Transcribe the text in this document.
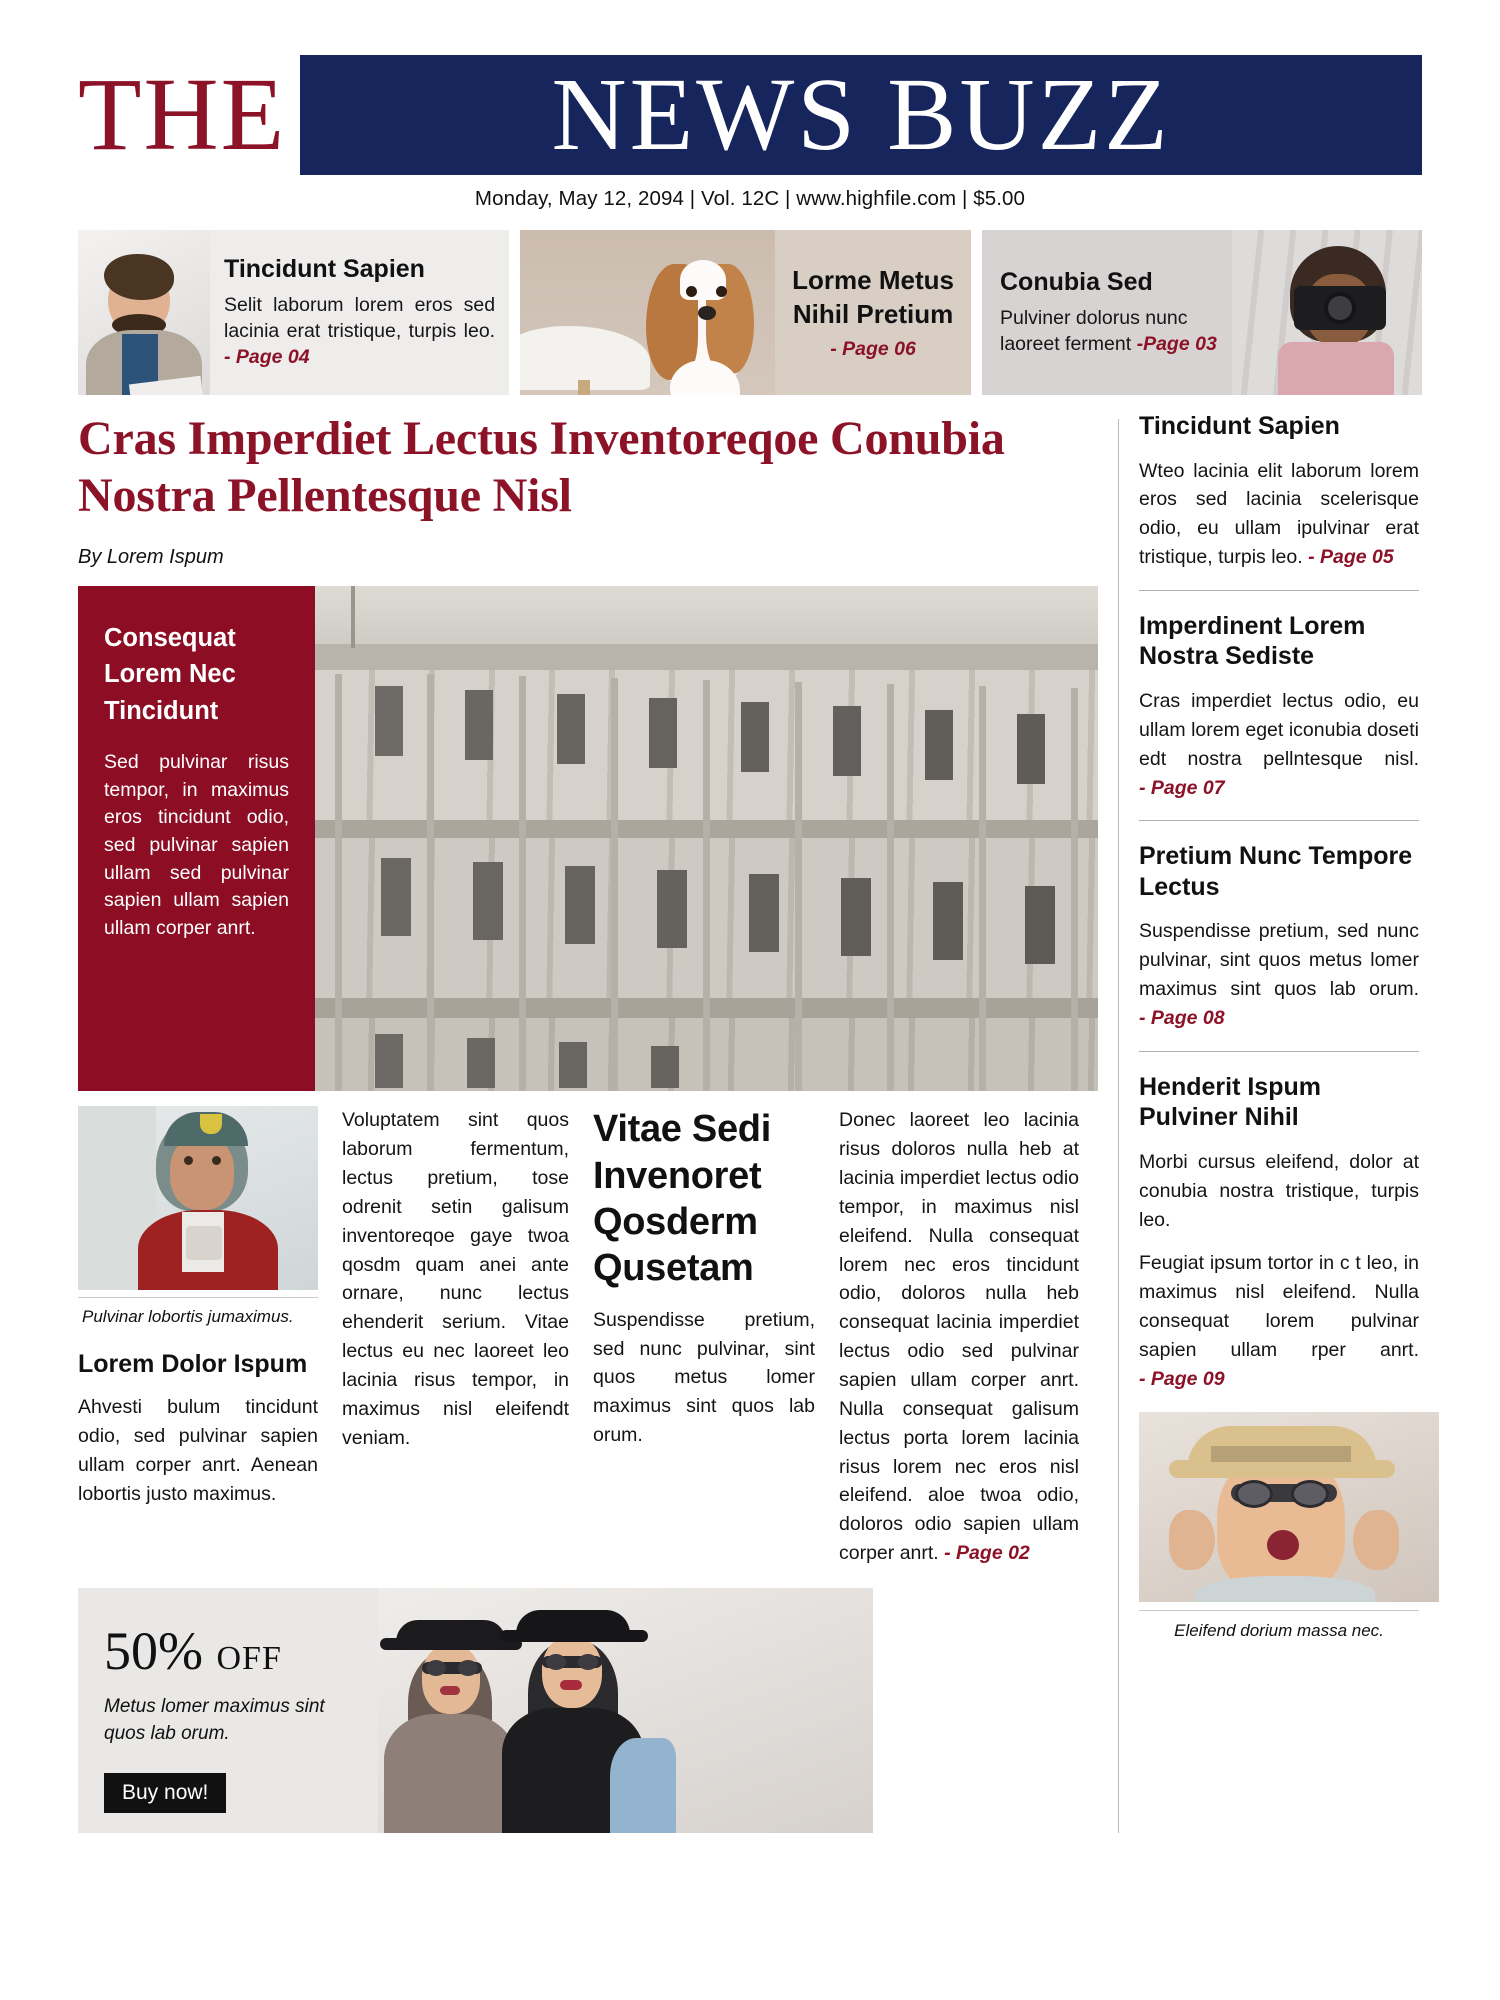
THE	NEWS BUZZ
Monday, May 12, 2094 | Vol. 12C | www.highfile.com | $5.00
Tincidunt Sapien
Selit laborum lorem eros sed lacinia erat tristique, turpis leo. - Page 04
Lorme Metus Nihil Pretium
- Page 06
Conubia Sed
Pulviner dolorus nunc laoreet ferment -Page 03
Cras Imperdiet Lectus Inventoreqoe Conubia Nostra Pellentesque Nisl
By Lorem Ispum
Consequat Lorem Nec Tincidunt

Sed pulvinar risus tempor, in maximus eros tincidunt odio, sed pulvinar sapien ullam sed pulvinar sapien ullam sapien ullam corper anrt.

Pulvinar lobortis jumaximus.
Lorem Dolor Ispum
Ahvesti bulum tincidunt odio, sed pulvinar sapien ullam corper anrt. Aenean lobortis justo maximus.
Voluptatem sint quos laborum fermentum, lectus pretium, tose odrenit setin galisum inventoreqoe gaye twoa qosdm quam anei ante ornare, nunc lectus ehenderit serium. Vitae lectus eu nec laoreet leo lacinia risus tempor, in maximus nisl eleifendt veniam.
Vitae Sedi Invenoret Qosderm Qusetam
Suspendisse pretium, sed nunc pulvinar, sint quos metus lomer maximus sint quos lab orum.
Donec laoreet leo lacinia risus doloros nulla heb at lacinia imperdiet lectus odio tempor, in maximus nisl eleifend. Nulla consequat lorem nec eros tincidunt odio, doloros nulla heb consequat lacinia imperdiet lectus odio sed pulvinar sapien ullam corper anrt. Nulla consequat galisum lectus porta lorem lacinia risus lorem nec eros nisl eleifend. aloe twoa odio, doloros odio sapien ullam corper anrt. - Page 02
50% OFF
Metus lomer maximus sint quos lab orum.
Buy now!
Tincidunt Sapien
Wteo lacinia elit laborum lorem eros sed lacinia scelerisque odio, eu ullam ipulvinar erat tristique, turpis leo. - Page 05
Imperdinent Lorem Nostra Sediste
Cras imperdiet lectus odio, eu ullam lorem eget iconubia doseti edt nostra pellntesque nisl. - Page 07
Pretium Nunc Tempore Lectus
Suspendisse pretium, sed nunc pulvinar, sint quos metus lomer maximus sint quos lab orum. - Page 08
Henderit Ispum Pulviner Nihil
Morbi cursus eleifend, dolor at conubia nostra tristique, turpis leo.
Feugiat ipsum tortor in c t leo, in maximus nisl eleifend. Nulla consequat lorem pulvinar sapien ullam rper anrt. - Page 09
Eleifend dorium massa nec.
